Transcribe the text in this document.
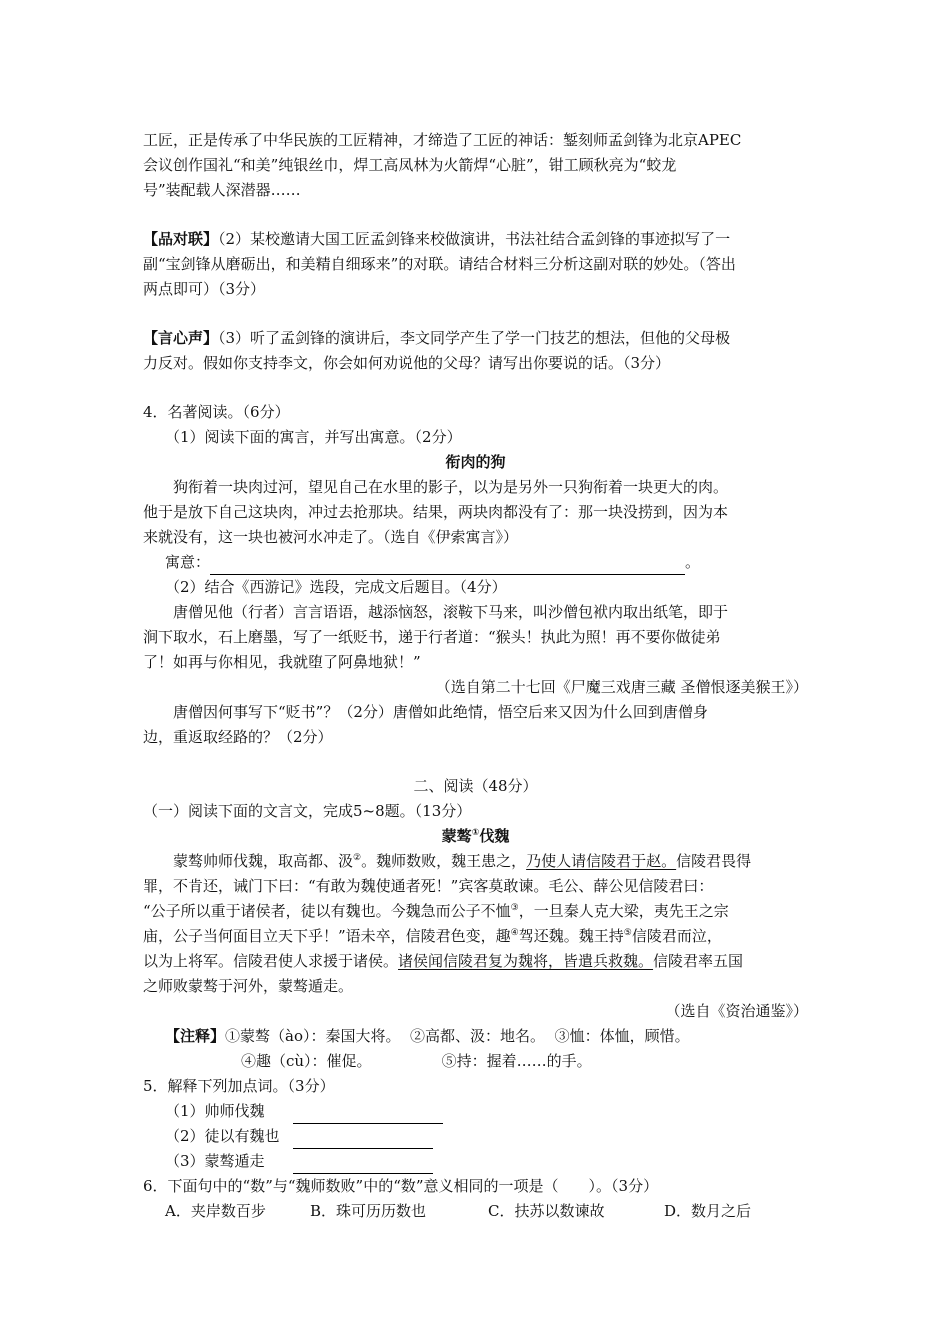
工匠，正是传承了中华民族的工匠精神，才缔造了工匠的神话：錾刻师孟剑锋为北京APEC

会议创作国礼“和美”纯银丝巾，焊工高凤林为火箭焊“心脏”，钳工顾秋亮为“蛟龙

号”装配载人深潜器……

【品对联】（2）某校邀请大国工匠孟剑锋来校做演讲，书法社结合孟剑锋的事迹拟写了一

副“宝剑锋从磨砺出，和美精自细琢来”的对联。请结合材料三分析这副对联的妙处。（答出

两点即可）（3分）

【言心声】（3）听了孟剑锋的演讲后，李文同学产生了学一门技艺的想法，但他的父母极

力反对。假如你支持李文，你会如何劝说他的父母？请写出你要说的话。（3分）

4．名著阅读。（6分）

（1）阅读下面的寓言，并写出寓意。（2分）

衔肉的狗

狗衔着一块肉过河，望见自己在水里的影子，以为是另外一只狗衔着一块更大的肉。

他于是放下自己这块肉，冲过去抢那块。结果，两块肉都没有了：那一块没捞到，因为本

来就没有，这一块也被河水冲走了。（选自《伊索寓言》）

寓意：	。

（2）结合《西游记》选段，完成文后题目。（4分）

唐僧见他（行者）言言语语，越添恼怒，滚鞍下马来，叫沙僧包袱内取出纸笔，即于

涧下取水，石上磨墨，写了一纸贬书，递于行者道：“猴头！执此为照！再不要你做徒弟

了！如再与你相见，我就堕了阿鼻地狱！”

（选自第二十七回《尸魔三戏唐三藏 圣僧恨逐美猴王》）

唐僧因何事写下“贬书”？（2分）唐僧如此绝情，悟空后来又因为什么回到唐僧身

边，重返取经路的？（2分）

二、阅读（48分）

（一）阅读下面的文言文，完成5~8题。（13分）

蒙骜①伐魏

蒙骜帅师伐魏，取高都、汲②。魏师数败，魏王患之，乃使人请信陵君于赵。信陵君畏得

罪，不肯还，诫门下曰：“有敢为魏使通者死！”宾客莫敢谏。毛公、薛公见信陵君曰：

“公子所以重于诸侯者，徒以有魏也。今魏急而公子不恤③，一旦秦人克大梁，夷先王之宗

庙，公子当何面目立天下乎！”语未卒，信陵君色变，趣④驾还魏。魏王持⑤信陵君而泣，

以为上将军。信陵君使人求援于诸侯。诸侯闻信陵君复为魏将，皆遣兵救魏。信陵君率五国

之师败蒙骜于河外，蒙骜遁走。

（选自《资治通鉴》）

【注释】①蒙骜（ào）：秦国大将。 ②高都、汲：地名。 ③恤：体恤，顾惜。

④趣（cù）：催促。	⑤持：握着……的手。

5．解释下列加点词。（3分）

（1）帅师伐魏

（2）徒以有魏也

（3）蒙骜遁走

6．下面句中的“数”与“魏师数败”中的“数”意义相同的一项是（　　）。（3分）

A．夹岸数百步	B．珠可历历数也	C．扶苏以数谏故	D．数月之后
